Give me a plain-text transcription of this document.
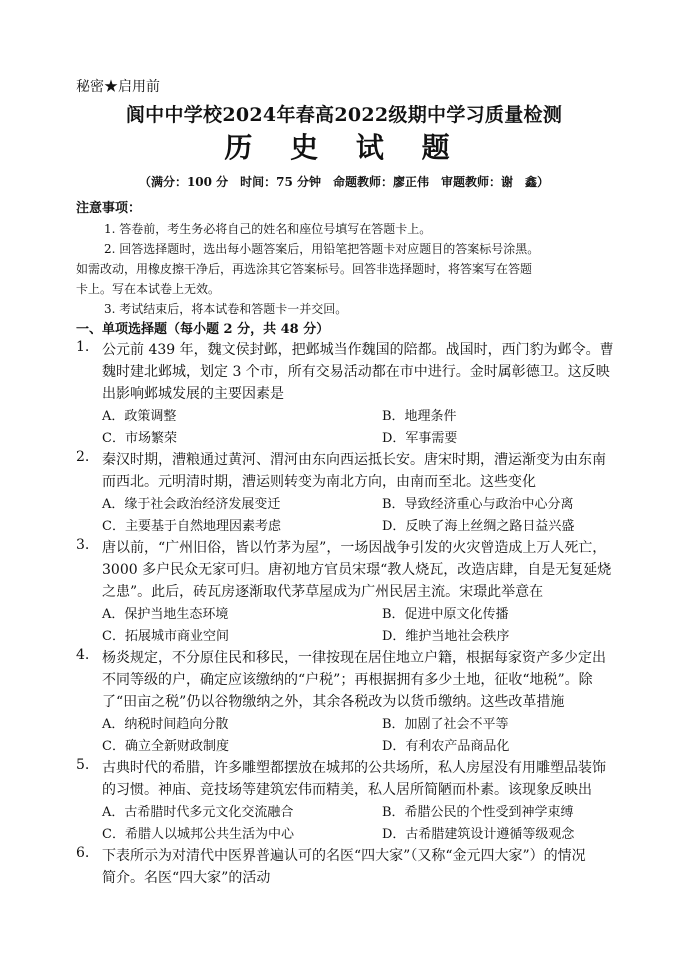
秘密★启用前
阆中中学校2024年春高2022级期中学习质量检测
历 史 试 题
（满分：100 分　时间：75 分钟　命题教师：廖正伟　审题教师：谢　鑫）
注意事项：
1. 答卷前，考生务必将自己的姓名和座位号填写在答题卡上。
2. 回答选择题时，选出每小题答案后，用铅笔把答题卡对应题目的答案标号涂黑。
如需改动，用橡皮擦干净后，再选涂其它答案标号。回答非选择题时，将答案写在答题
卡上。写在本试卷上无效。
3. 考试结束后，将本试卷和答题卡一并交回。
一、单项选择题（每小题 2 分，共 48 分）
1. 公元前 439 年，魏文侯封邺，把邺城当作魏国的陪都。战国时，西门豹为邺令。曹
魏时建北邺城，划定 3 个市，所有交易活动都在市中进行。金时属彰德卫。这反映
出影响邺城发展的主要因素是
A．政策调整	B．地理条件
C．市场繁荣	D．军事需要
2. 秦汉时期，漕粮通过黄河、渭河由东向西运抵长安。唐宋时期，漕运渐变为由东南
而西北。元明清时期，漕运则转变为南北方向，由南而至北。这些变化
A．缘于社会政治经济发展变迁	B．导致经济重心与政治中心分离
C．主要基于自然地理因素考虑	D．反映了海上丝绸之路日益兴盛
3. 唐以前，“广州旧俗，皆以竹茅为屋”，一场因战争引发的火灾曾造成上万人死亡，
3000 多户民众无家可归。唐初地方官员宋璟“教人烧瓦，改造店肆，自是无复延烧
之患”。此后，砖瓦房逐渐取代茅草屋成为广州民居主流。宋璟此举意在
A．保护当地生态环境	B．促进中原文化传播
C．拓展城市商业空间	D．维护当地社会秩序
4. 杨炎规定，不分原住民和移民，一律按现在居住地立户籍，根据每家资产多少定出
不同等级的户，确定应该缴纳的“户税”；再根据拥有多少土地，征收“地税”。除
了“田亩之税”仍以谷物缴纳之外，其余各税改为以货币缴纳。这些改革措施
A．纳税时间趋向分散	B．加剧了社会不平等
C．确立全新财政制度	D．有利农产品商品化
5. 古典时代的希腊，许多雕塑都摆放在城邦的公共场所，私人房屋没有用雕塑品装饰
的习惯。神庙、竞技场等建筑宏伟而精美，私人居所简陋而朴素。该现象反映出
A．古希腊时代多元文化交流融合	B．希腊公民的个性受到神学束缚
C．希腊人以城邦公共生活为中心	D．古希腊建筑设计遵循等级观念
6. 下表所示为对清代中医界普遍认可的名医“四大家”（又称“金元四大家”）的情况
简介。名医“四大家”的活动
